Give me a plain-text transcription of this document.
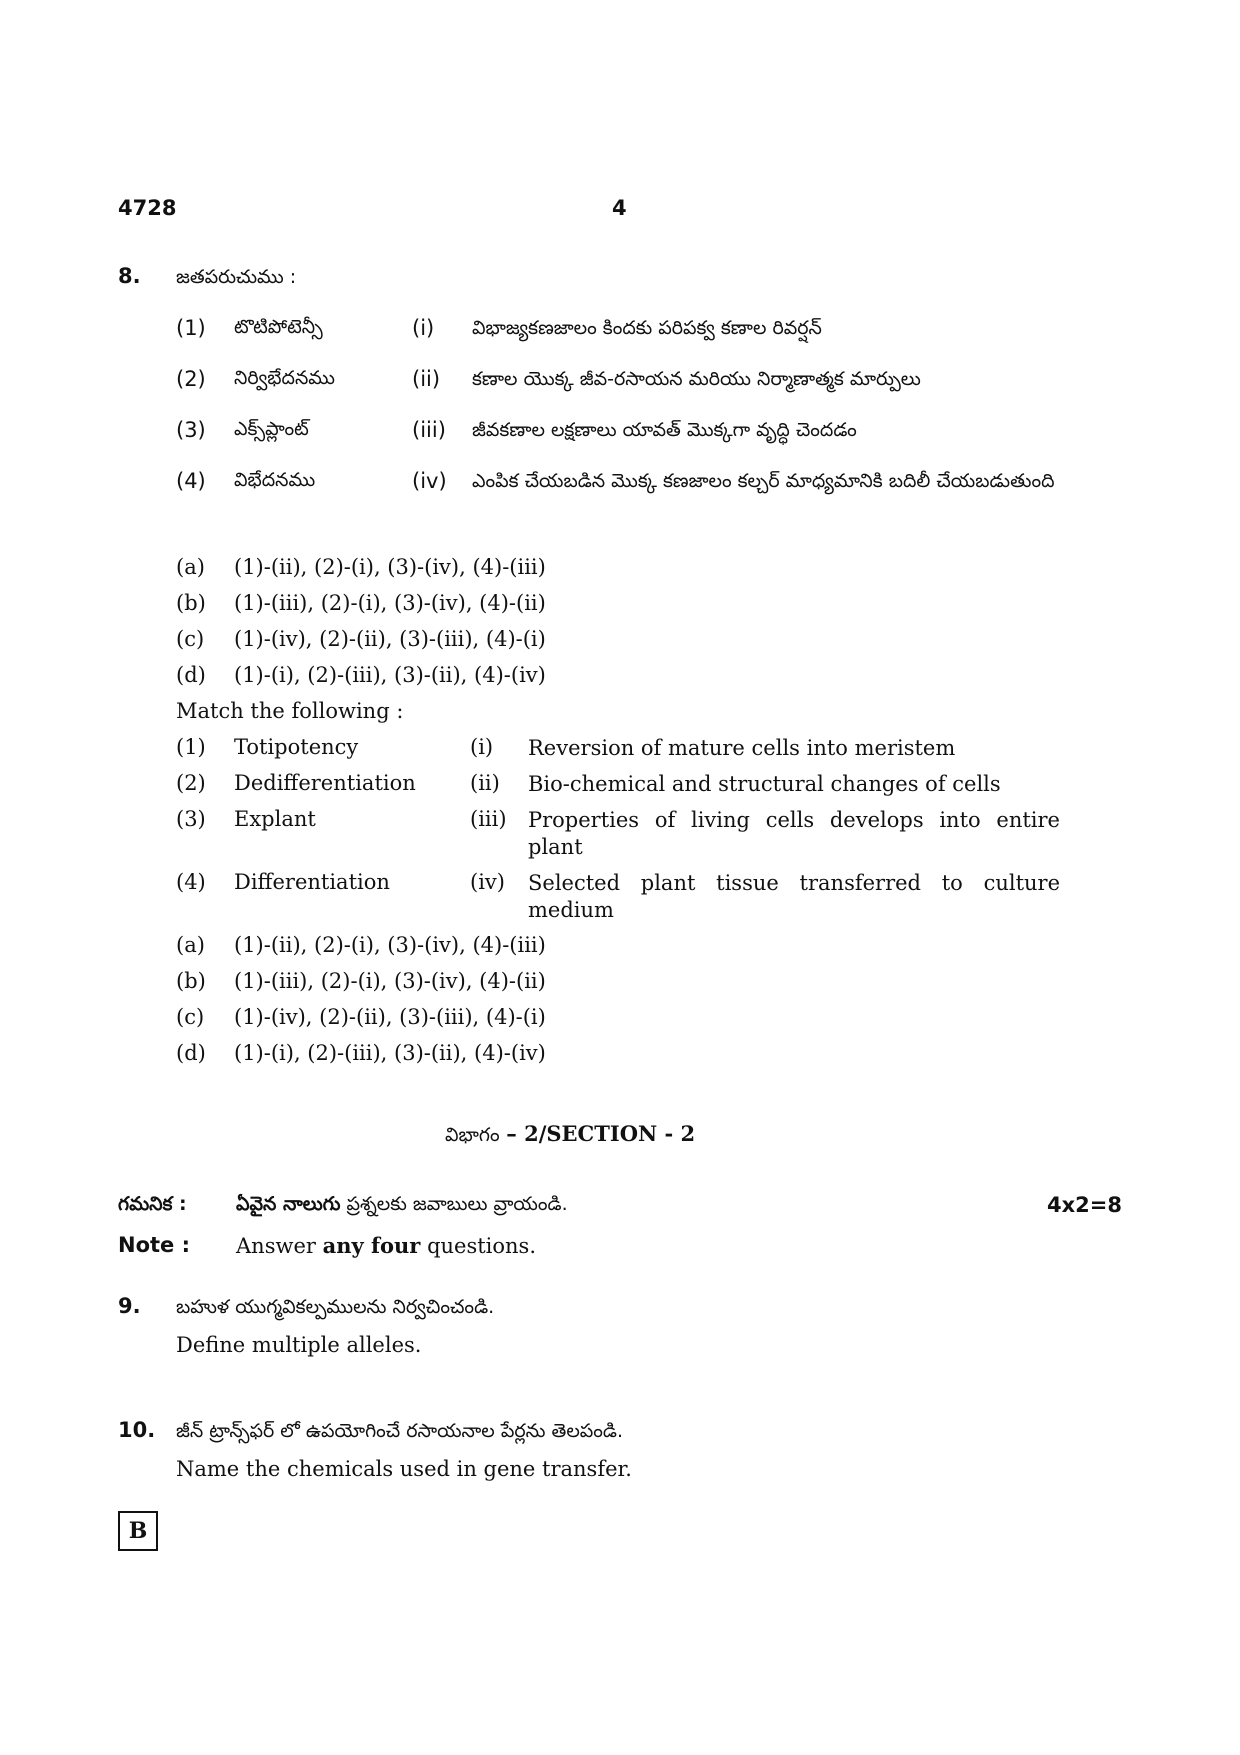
4728	4
8. జతపరుచుము :
(1) టొటిపోటెన్సీ	(i) విభాజ్యకణజాలం కిందకు పరిపక్వ కణాల రివర్షన్
(2) నిర్విభేదనము	(ii) కణాల యొక్క జీవ-రసాయన మరియు నిర్మాణాత్మక మార్పులు
(3) ఎక్స్‌ప్లాంట్	(iii) జీవకణాల లక్షణాలు యావత్ మొక్కగా వృద్ధి చెందడం
(4) విభేదనము	(iv) ఎంపిక చేయబడిన మొక్క కణజాలం కల్చర్ మాధ్యమానికి బదిలీ చేయబడుతుంది
(a) (1)-(ii), (2)-(i), (3)-(iv), (4)-(iii)
(b) (1)-(iii), (2)-(i), (3)-(iv), (4)-(ii)
(c) (1)-(iv), (2)-(ii), (3)-(iii), (4)-(i)
(d) (1)-(i), (2)-(iii), (3)-(ii), (4)-(iv)
Match the following :
(1) Totipotency	(i) Reversion of mature cells into meristem
(2) Dedifferentiation	(ii) Bio-chemical and structural changes of cells
(3) Explant	(iii) Properties of living cells develops into entire plant
(4) Differentiation	(iv) Selected plant tissue transferred to culture medium
(a) (1)-(ii), (2)-(i), (3)-(iv), (4)-(iii)
(b) (1)-(iii), (2)-(i), (3)-(iv), (4)-(ii)
(c) (1)-(iv), (2)-(ii), (3)-(iii), (4)-(i)
(d) (1)-(i), (2)-(iii), (3)-(ii), (4)-(iv)
విభాగం – 2/SECTION - 2
గమనిక :	ఏవైన నాలుగు ప్రశ్నలకు జవాబులు వ్రాయండి.	4x2=8
Note : Answer any four questions.
9. బహుళ యుగ్మవికల్పములను నిర్వచించండి.
Define multiple alleles.
10. జీన్ ట్రాన్స్‌ఫర్ లో ఉపయోగించే రసాయనాల పేర్లను తెలపండి.
Name the chemicals used in gene transfer.
B
